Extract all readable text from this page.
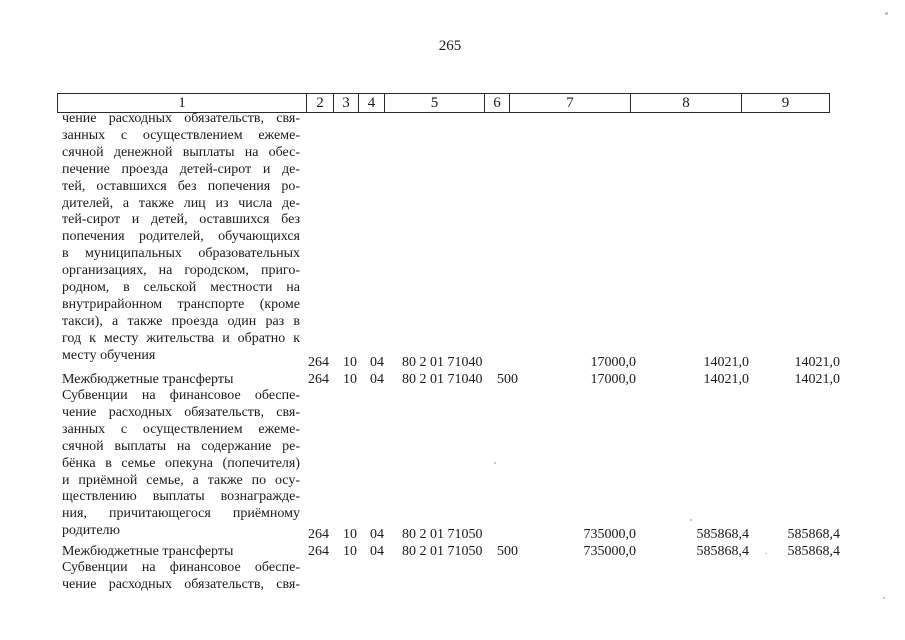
265
1	2	3	4	5	6	7	8	9
чение расходных обязательств, свя-
занных с осуществлением ежеме-
сячной денежной выплаты на обес-
печение проезда детей-сирот и де-
тей, оставшихся без попечения ро-
дителей, а также лиц из числа де-
тей-сирот и детей, оставшихся без
попечения родителей, обучающихся
в муниципальных образовательных
организациях, на городском, приго-
родном, в сельской местности на
внутрирайонном транспорте (кроме
такси), а также проезда один раз в
год к месту жительства и обратно к
месту обучения	264 10 04 80 2 01 71040	17000,0	14021,0	14021,0
Межбюджетные трансферты	264 10 04 80 2 01 71040 500	17000,0	14021,0	14021,0
Субвенции на финансовое обеспе-
чение расходных обязательств, свя-
занных с осуществлением ежеме-
сячной выплаты на содержание ре-
бёнка в семье опекуна (попечителя)
и приёмной семье, а также по осу-
ществлению выплаты вознагражде-
ния, причитающегося приёмному
родителю	264 10 04 80 2 01 71050	735000,0	585868,4	585868,4
Межбюджетные трансферты	264 10 04 80 2 01 71050 500	735000,0	585868,4	585868,4
Субвенции на финансовое обеспе-
чение расходных обязательств, свя-
